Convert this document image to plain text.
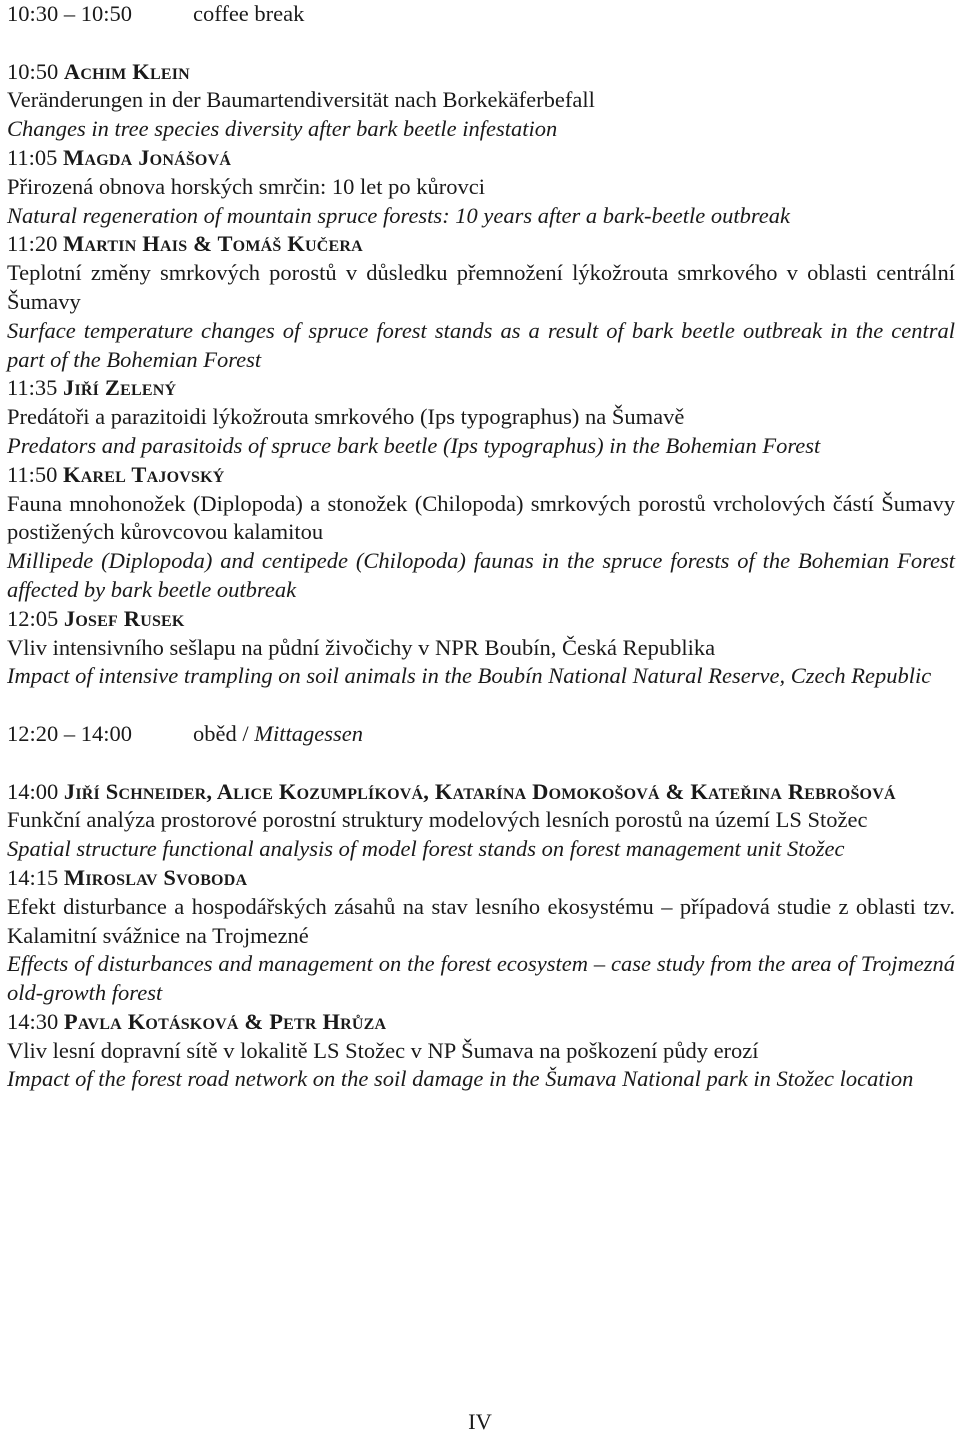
10:30 – 10:50	coffee break
10:50 Achim Klein
Veränderungen in der Baumartendiversität nach Borkekäferbefall
Changes in tree species diversity after bark beetle infestation
11:05 Magda Jonášová
Přirozená obnova horských smrčin: 10 let po kůrovci
Natural regeneration of mountain spruce forests: 10 years after a bark-beetle outbreak
11:20 Martin Hais & Tomáš Kučera
Teplotní změny smrkových porostů v důsledku přemnožení lýkožrouta smrkového v oblasti centrální Šumavy
Surface temperature changes of spruce forest stands as a result of bark beetle outbreak in the central part of the Bohemian Forest
11:35 Jiří Zelený
Predátoři a parazitoidi lýkožrouta smrkového (Ips typographus) na Šumavě
Predators and parasitoids of spruce bark beetle (Ips typographus) in the Bohemian Forest
11:50 Karel Tajovský
Fauna mnohonožek (Diplopoda) a stonožek (Chilopoda) smrkových porostů vrcholových částí Šumavy postižených kůrovcovou kalamitou
Millipede (Diplopoda) and centipede (Chilopoda) faunas in the spruce forests of the Bohemian Forest affected by bark beetle outbreak
12:05 Josef Rusek
Vliv intensivního sešlapu na půdní živočichy v NPR Boubín, Česká Republika
Impact of intensive trampling on soil animals in the Boubín National Natural Reserve, Czech Republic
12:20 – 14:00	oběd / Mittagessen
14:00 Jiří Schneider, Alice Kozumplíková, Katarína Domokošová & Kateřina Rebrošová
Funkční analýza prostorové porostní struktury modelových lesních porostů na území LS Stožec
Spatial structure functional analysis of model forest stands on forest management unit Stožec
14:15 Miroslav Svoboda
Efekt disturbance a hospodářských zásahů na stav lesního ekosystému – případová studie z oblasti tzv. Kalamitní svážnice na Trojmezné
Effects of disturbances and management on the forest ecosystem – case study from the area of Trojmezná old-growth forest
14:30 Pavla Kotásková & Petr Hrůza
Vliv lesní dopravní sítě v lokalitě LS Stožec v NP Šumava na poškození půdy erozí
Impact of the forest road network on the soil damage in the Šumava National park in Stožec location
IV
